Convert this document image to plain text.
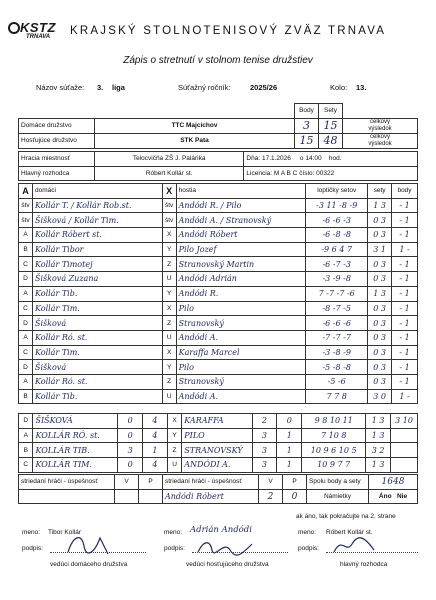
KSTZ
TRNAVA KRAJSKÝ STOLNOTENISOVÝ ZVÄZ TRNAVA
Zápis o stretnutí v stolnom tenise družstiev
Názov súťaže: 3. liga	Súťažný ročník:	2025/26	Kolo: 13.
		Body	Sety	
Domáce družstvo	TTC Majcichov	3	15	celkový
výsledok
Hosťujúce družstvo	STK Pata	15	48	celkový
výsledok
Hracia miestnosť	Telocvičňa ZŠ J. Palárika	Dňa: 17.1.2026 o 14:00 hod.
Hlavný rozhodca	Róbert Kollár st.	Licencia: M A B C číslo: 00322
A	domáci	X	hostia	loptičky setov	sety	body
štv	Kollár T. / Kollár Rob.st.	štv	Andódi R. / Pilo	-3 11 -8 -9	1 3	- 1
štv	Šišková / Kollár Tim.	štv	Andódi A. / Stranovský	-6 -6 -3	0 3	- 1
A	Kollár Róbert st.	X	Andódi Róbert	-6 -8 -8	0 3	- 1
B	Kollár Tibor	Y	Pilo Jozef	-9 6 4 7	3 1	1 -
C	Kollár Timotej	Z	Stranovský Martin	-6 -7 -3	0 3	- 1
D	Šišková Zuzana	U	Andódi Adrián	-3 -9 -8	0 3	- 1
A	Kollár Tib.	Y	Andódi R.	7 -7 -7 -6	1 3	- 1
C	Kollár Tim.	X	Pilo	-8 -7 -5	0 3	- 1
D	Šišková	Z	Stranovský	-6 -6 -6	0 3	- 1
A	Kollár Ró. st.	U	Andódi A.	-7 -7 -7	0 3	- 1
C	Kollár Tim.	X	Karaffa Marcel	-3 -8 -9	0 3	- 1
D	Šišková	Y	Pilo	-5 -8 -8	0 3	- 1
A	Kollár Ró. st.	Z	Stranovský	-5 -6	0 3	- 1
B	Kollár Tib.	U	Andódi A.	7 7 8	3 0	1 -
D	ŠIŠKOVÁ	0	4	X	KARAFFA	2	0	9 8 10 11	1 3	3 10
A	KOLLÁR RÓ. st.	0	4	Y	PILO	3	1	7 10 8	1 3	
B	KOLLÁR TIB.	3	1	Z	STRANOVSKÝ	3	1	10 9 6 10 5	3 2	
C	KOLLÁR TIM.	0	4	U	ANDÓDI A.	3	1	10 9 7 7	1 3	
striedaní hráči - úspešnosť	V	P	striedaní hráči - úspešnosť	V	P	Spolu body a sety	1648
			Andódi Róbert	2	0	Námietky	Áno Nie
ak áno, tak pokračujte na 2. strane
meno: Tibor Kollár	meno: Adrián Andódi	meno: Róbert Kollár st.
podpis:	podpis:	podpis:
vedúci domáceho družstva	vedúci hosťujúceho družstva	hlavný rozhodca
